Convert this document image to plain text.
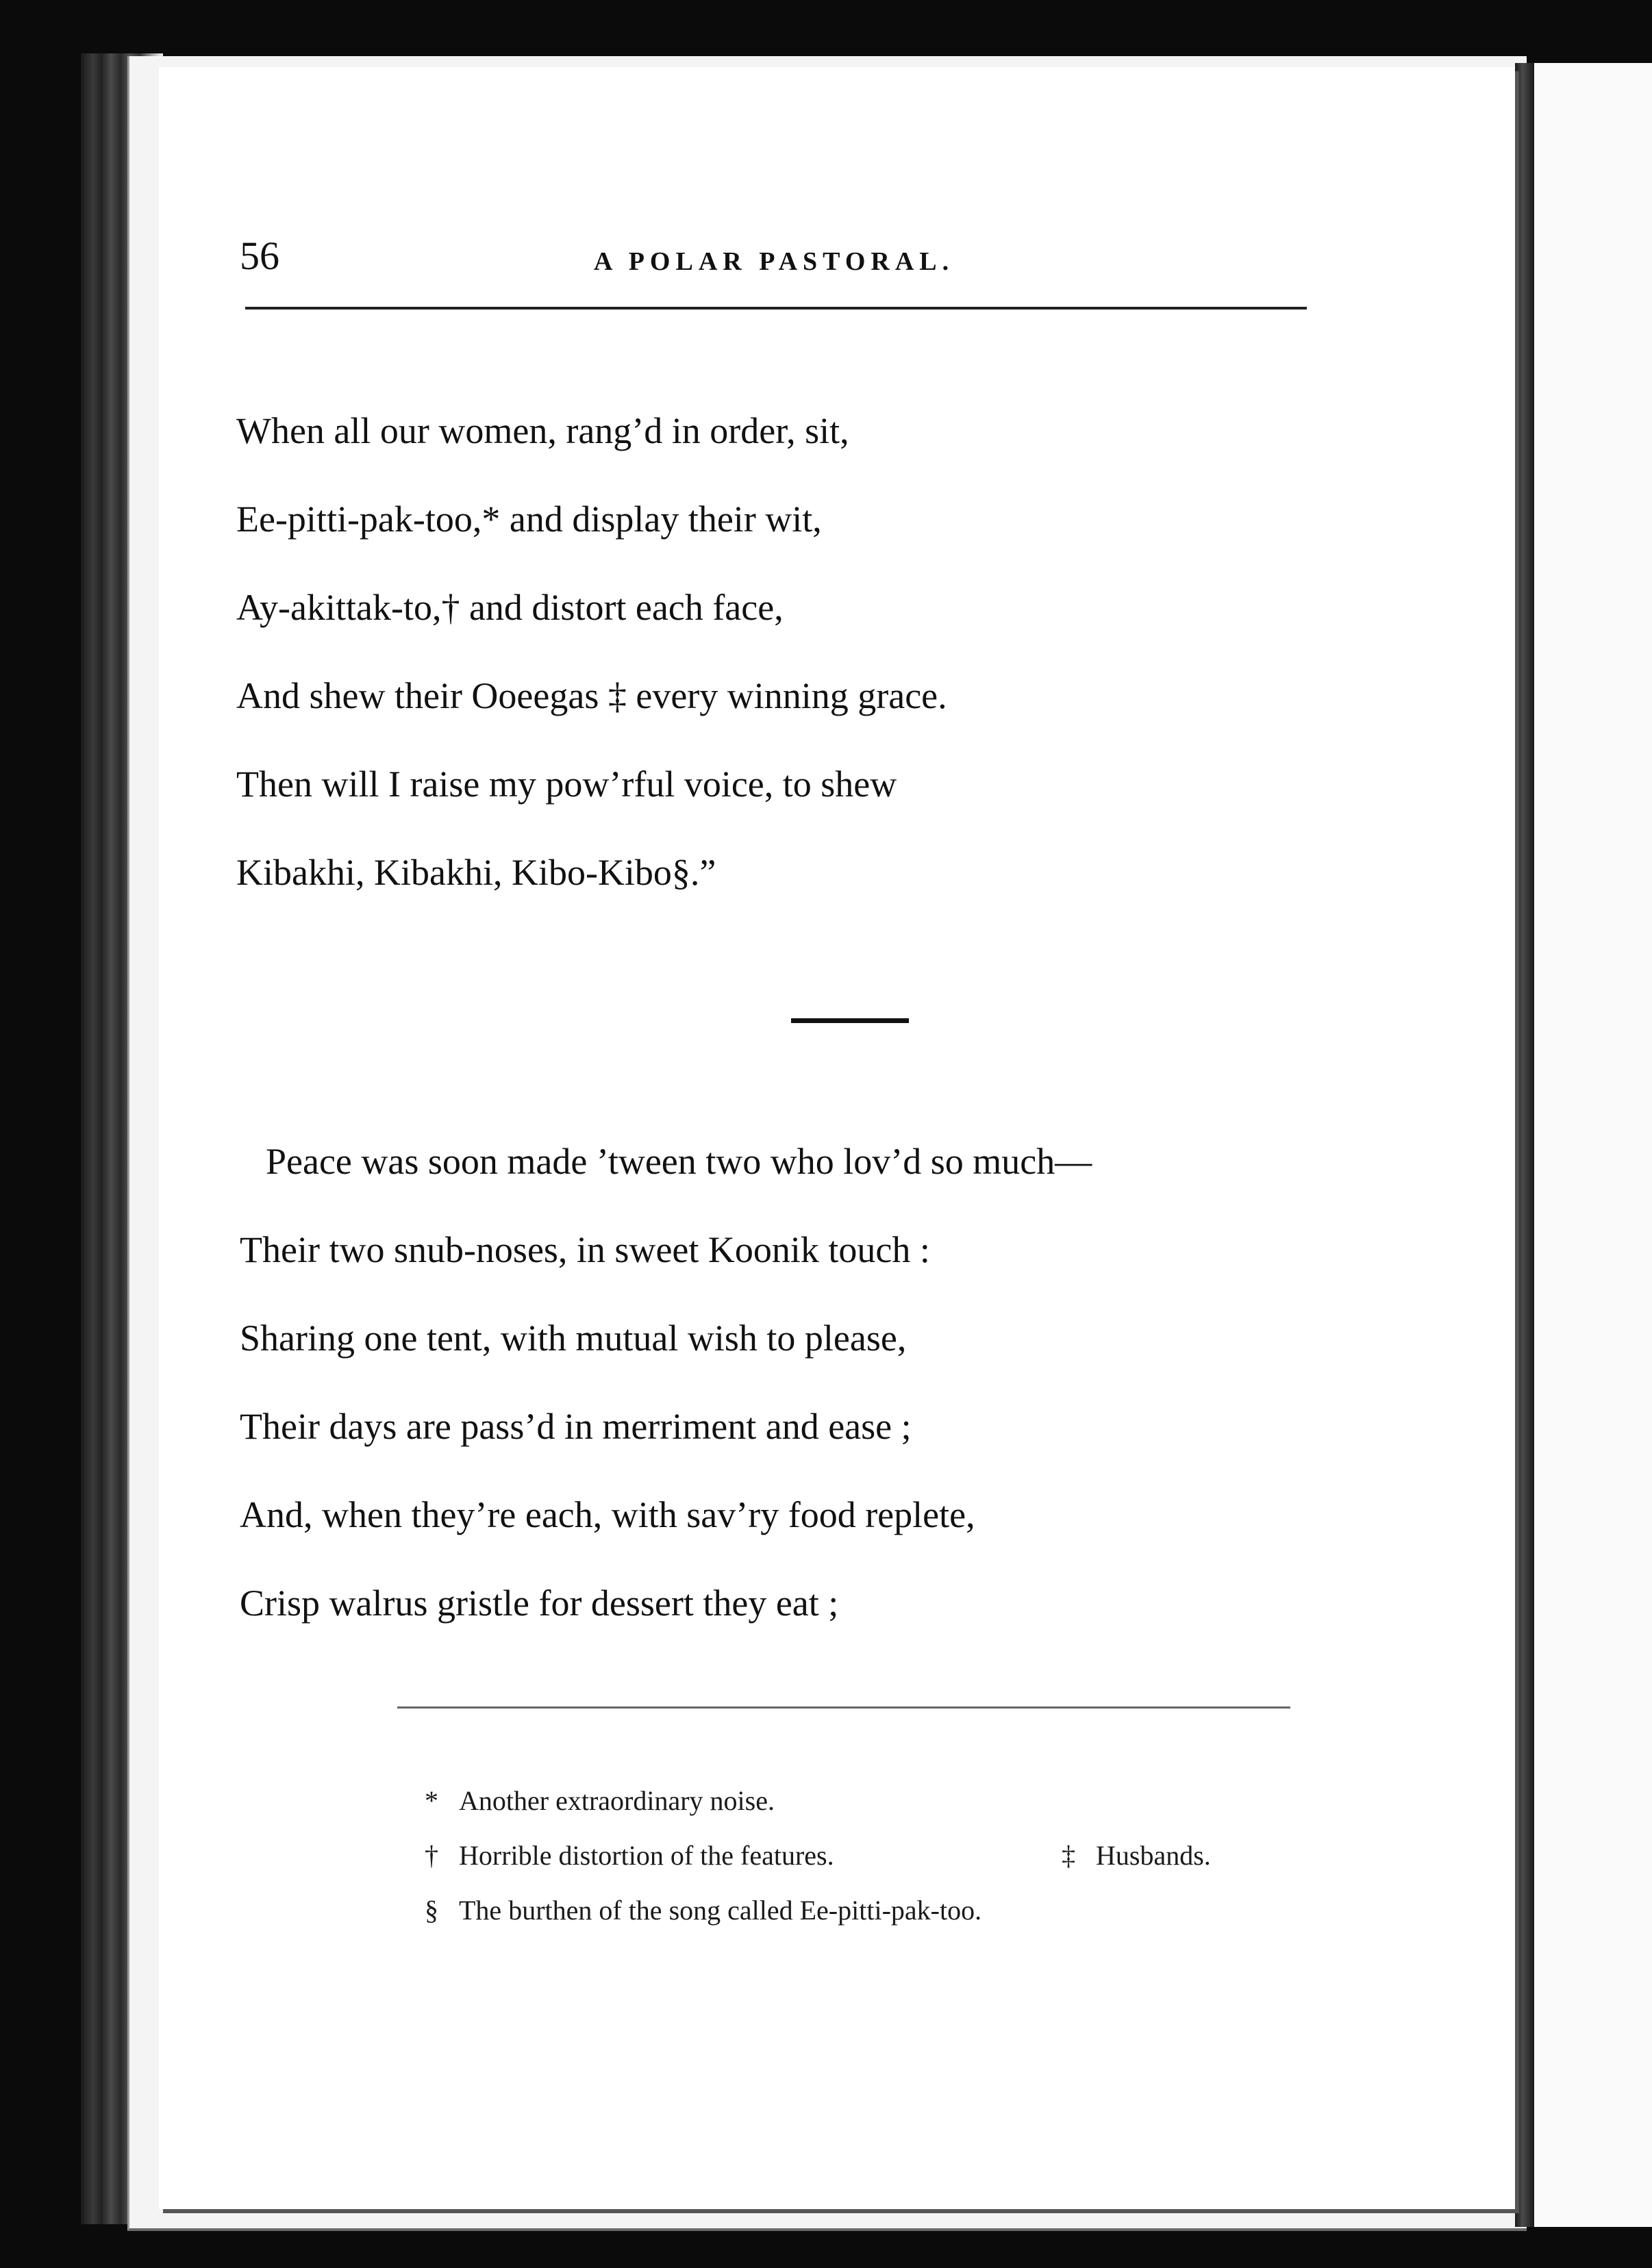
56	A POLAR PASTORAL.
When all our women, rang’d in order, sit,
Ee-pitti-pak-too,* and display their wit,
Ay-akittak-to,† and distort each face,
And shew their Ooeegas ‡ every winning grace.
Then will I raise my pow’rful voice, to shew
Kibakhi, Kibakhi, Kibo-Kibo§.”
Peace was soon made ’tween two who lov’d so much—
Their two snub-noses, in sweet Koonik touch :
Sharing one tent, with mutual wish to please,
Their days are pass’d in merriment and ease ;
And, when they’re each, with sav’ry food replete,
Crisp walrus gristle for dessert they eat ;
* Another extraordinary noise.
† Horrible distortion of the features.	‡ Husbands.
§ The burthen of the song called Ee-pitti-pak-too.
